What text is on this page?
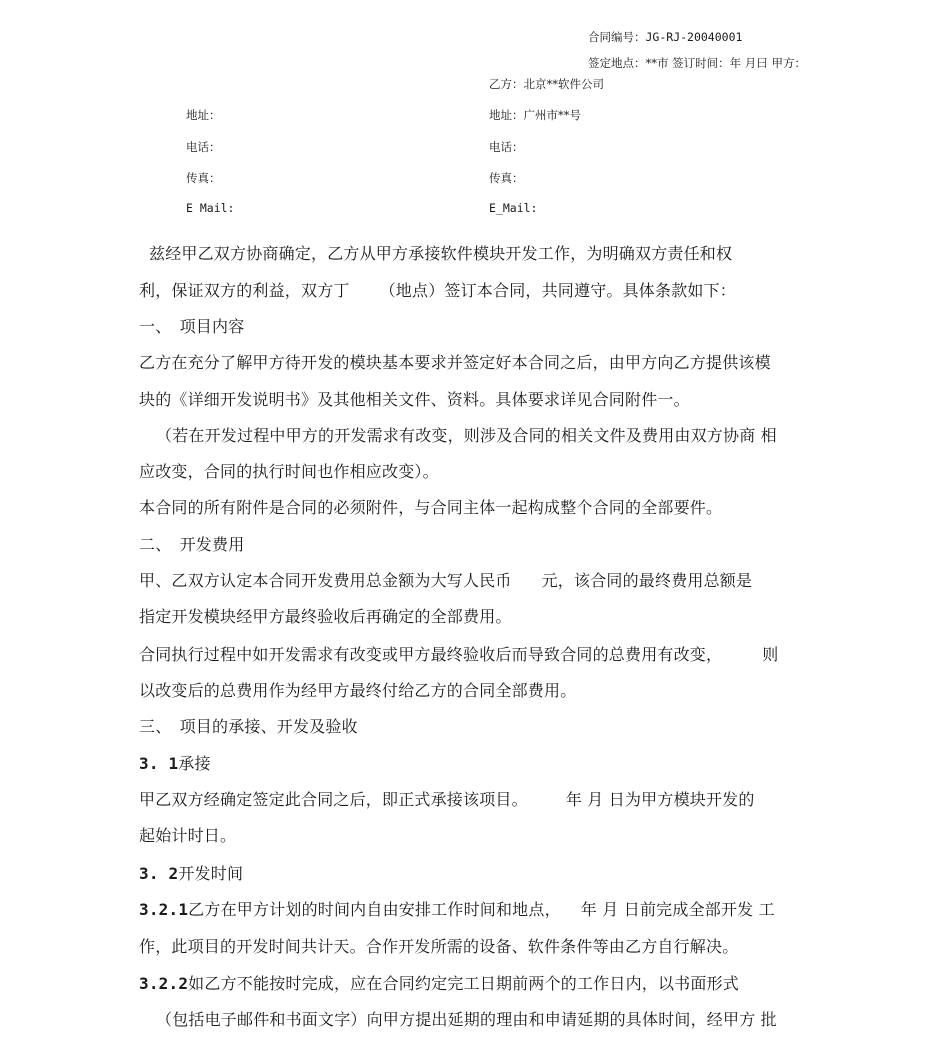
合同编号：JG-RJ-20040001
签定地点：**市 签订时间：年 月曰 甲方：
乙方：北京**软件公司
地址：
电话：
传真：
E Mail:
地址：广州市**号
电话：
传真：
E_Mail:
兹经甲乙双方协商确定，乙方从甲方承接软件模块开发工作，为明确双方责任和权
利，保证双方的利益，双方丁 （地点）签订本合同，共同遵守。具体条款如下：
一、　项目内容
乙方在充分了解甲方待开发的模块基本要求并签定好本合同之后，由甲方向乙方提供该模
块的《详细开发说明书》及其他相关文件、资料。具体要求详见合同附件一。
（若在开发过程中甲方的开发需求有改变，则涉及合同的相关文件及费用由双方协商 相
应改变，合同的执行时间也作相应改变）。
本合同的所有附件是合同的必须附件，与合同主体一起构成整个合同的全部要件。
二、　开发费用
甲、乙双方认定本合同开发费用总金额为大写人民币 元，该合同的最终费用总额是
指定开发模块经甲方最终验收后再确定的全部费用。
合同执行过程中如开发需求有改变或甲方最终验收后而导致合同的总费用有改变，	则
以改变后的总费用作为经甲方最终付给乙方的合同全部费用。
三、　项目的承接、开发及验收
3. 1承接
甲乙双方经确定签定此合同之后，即正式承接该项目。 年 月 日为甲方模块开发的
起始计时日。
3. 2开发时间
3.2.1乙方在甲方计划的时间内自由安排工作时间和地点， 年 月 日前完成全部开发 工
作，此项目的开发时间共计天。合作开发所需的设备、软件条件等由乙方自行解决。
3.2.2如乙方不能按时完成，应在合同约定完工日期前两个的工作日内，以书面形式
（包括电子邮件和书面文字）向甲方提出延期的理由和申请延期的具体时间，经甲方 批
